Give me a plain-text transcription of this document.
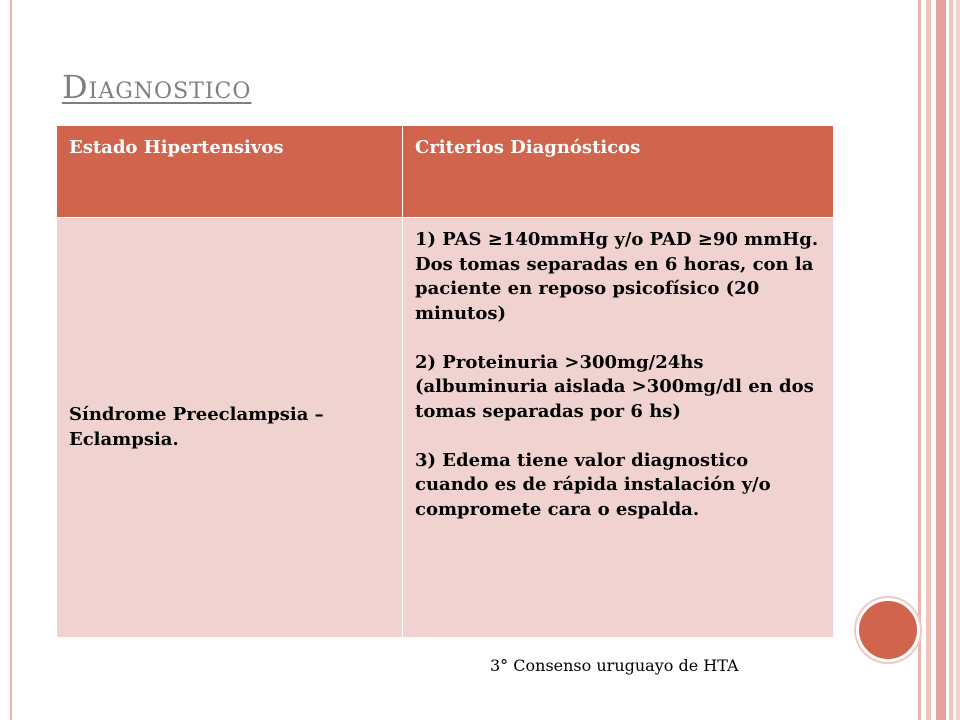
Diagnostico
Estado Hipertensivos	Criterios Diagnósticos
Síndrome Preeclampsia – Eclampsia.	1) PAS ≥140mmHg y/o PAD ≥90 mmHg. Dos tomas separadas en 6 horas, con la paciente en reposo psicofísico (20 minutos)

2) Proteinuria >300mg/24hs (albuminuria aislada >300mg/dl en dos tomas separadas por 6 hs)

3) Edema tiene valor diagnostico cuando es de rápida instalación y/o compromete cara o espalda.

3° Consenso uruguayo de HTA
